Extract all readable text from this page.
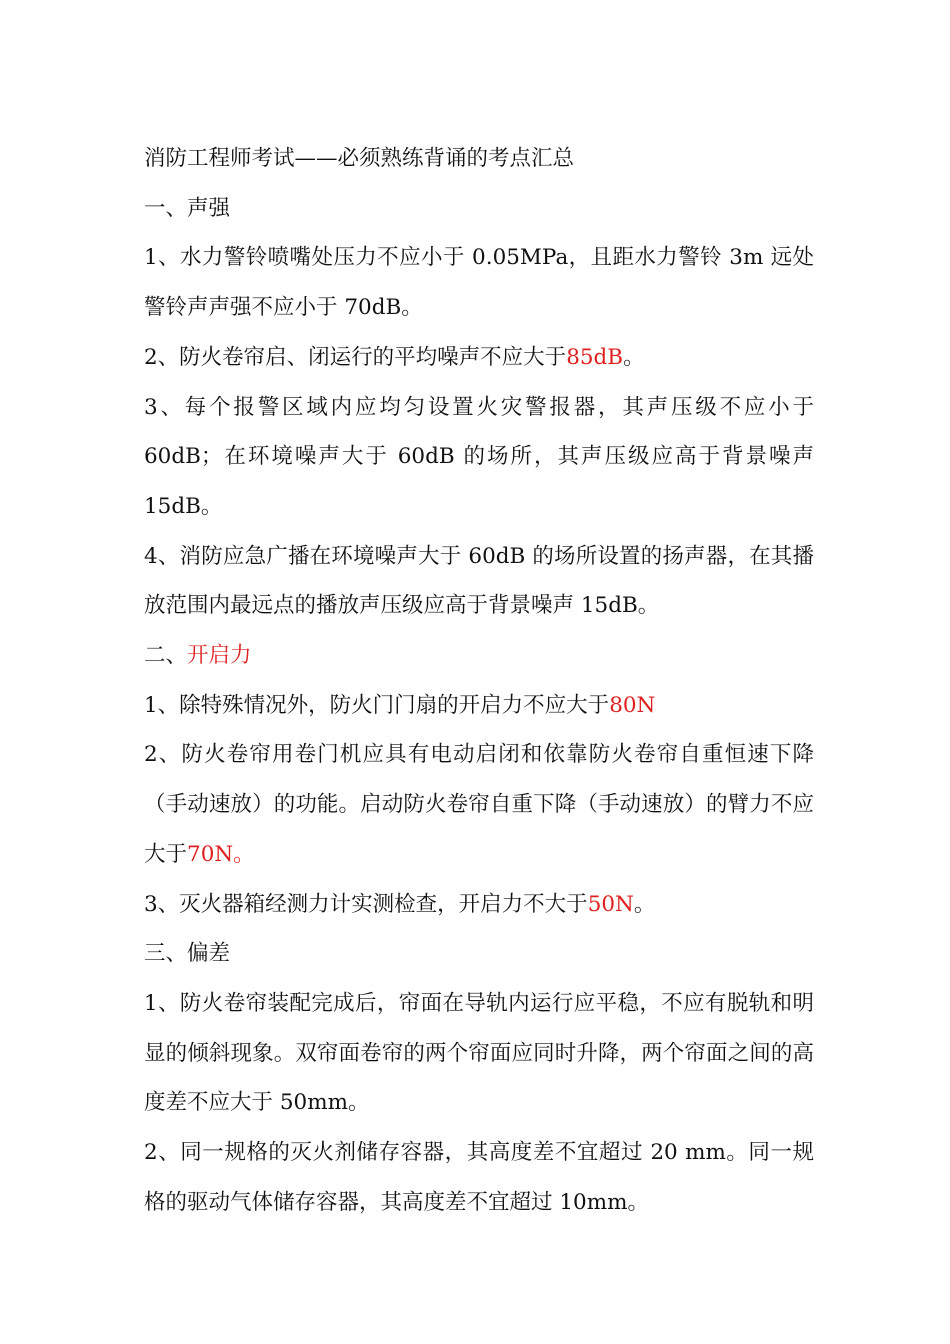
消防工程师考试——必须熟练背诵的考点汇总

一、声强

1、水力警铃喷嘴处压力不应小于 0.05MPa，且距水力警铃 3m 远处警铃声声强不应小于 70dB。

2、防火卷帘启、闭运行的平均噪声不应大于85dB。

3、每个报警区域内应均匀设置火灾警报器，其声压级不应小于60dB；在环境噪声大于 60dB 的场所，其声压级应高于背景噪声15dB。

4、消防应急广播在环境噪声大于 60dB 的场所设置的扬声器，在其播放范围内最远点的播放声压级应高于背景噪声 15dB。

二、开启力

1、除特殊情况外，防火门门扇的开启力不应大于80N

2、防火卷帘用卷门机应具有电动启闭和依靠防火卷帘自重恒速下降（手动速放）的功能。启动防火卷帘自重下降（手动速放）的臂力不应大于70N。

3、灭火器箱经测力计实测检查，开启力不大于50N。

三、偏差

1、防火卷帘装配完成后，帘面在导轨内运行应平稳，不应有脱轨和明显的倾斜现象。双帘面卷帘的两个帘面应同时升降，两个帘面之间的高度差不应大于 50mm。

2、同一规格的灭火剂储存容器，其高度差不宜超过 20 mm。同一规格的驱动气体储存容器，其高度差不宜超过 10mm。
